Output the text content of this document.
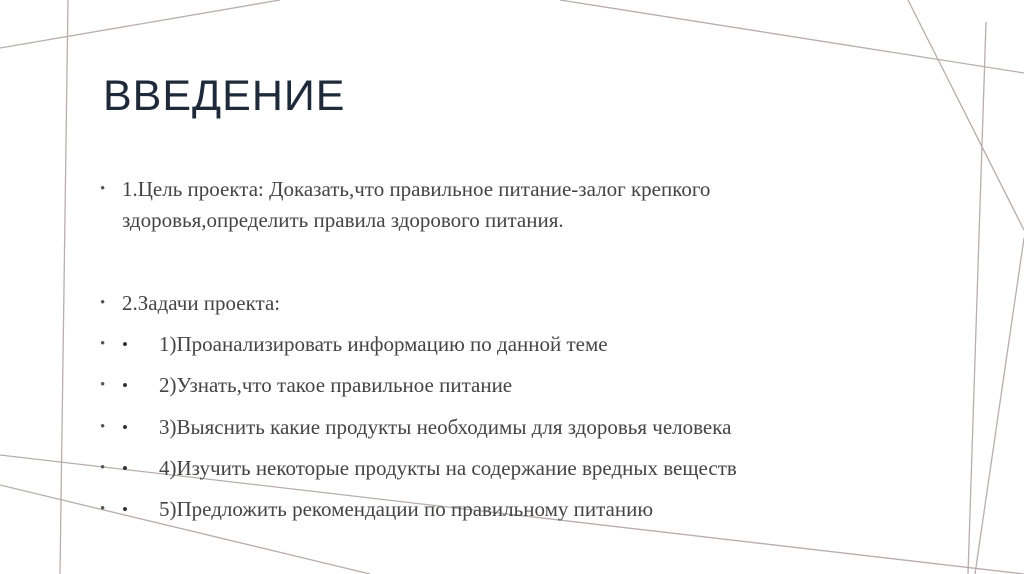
ВВЕДЕНИЕ
• 1.Цель проекта: Доказать,что правильное питание-залог крепкого
здоровья,определить правила здорового питания.
• 2.Задачи проекта:
• • 1)Проанализировать информацию по данной теме
• • 2)Узнать,что такое правильное питание
• • 3)Выяснить какие продукты необходимы для здоровья человека
• • 4)Изучить некоторые продукты на содержание вредных веществ
• • 5)Предложить рекомендации по правильному питанию
